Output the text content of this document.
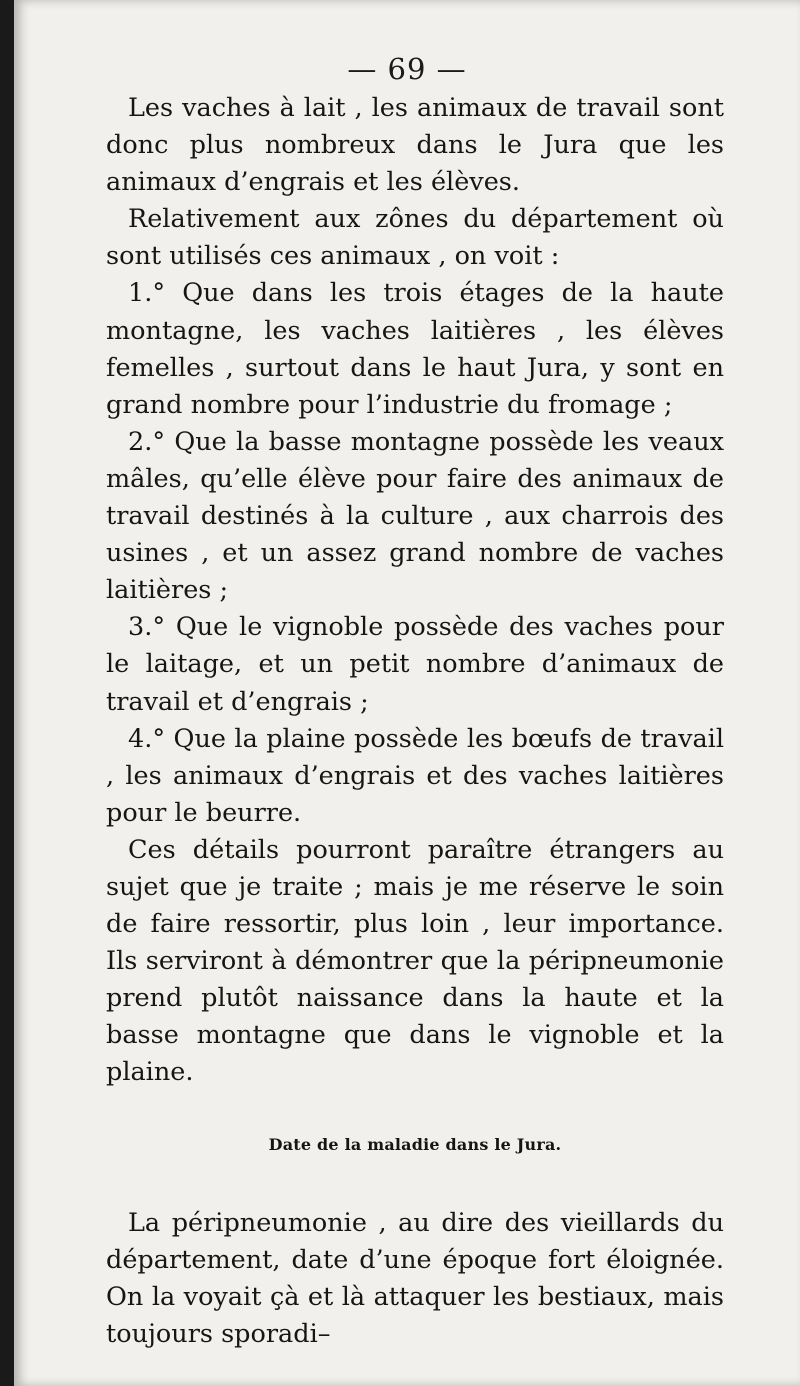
— 69 —

Les vaches à lait , les animaux de travail sont donc plus nombreux dans le Jura que les animaux d’engrais et les élèves.

Relativement aux zônes du département où sont utilisés ces animaux , on voit :

1.° Que dans les trois étages de la haute montagne, les vaches laitières , les élèves femelles , surtout dans le haut Jura, y sont en grand nombre pour l’industrie du fromage ;

2.° Que la basse montagne possède les veaux mâles, qu’elle élève pour faire des animaux de travail destinés à la culture , aux charrois des usines , et un assez grand nombre de vaches laitières ;

3.° Que le vignoble possède des vaches pour le laitage, et un petit nombre d’animaux de travail et d’engrais ;

4.° Que la plaine possède les bœufs de travail , les animaux d’engrais et des vaches laitières pour le beurre.

Ces détails pourront paraître étrangers au sujet que je traite ; mais je me réserve le soin de faire ressortir, plus loin , leur importance. Ils serviront à démontrer que la péripneumonie prend plutôt naissance dans la haute et la basse montagne que dans le vignoble et la plaine.

Date de la maladie dans le Jura.

La péripneumonie , au dire des vieillards du département, date d’une époque fort éloignée. On la voyait çà et là attaquer les bestiaux, mais toujours sporadi–
